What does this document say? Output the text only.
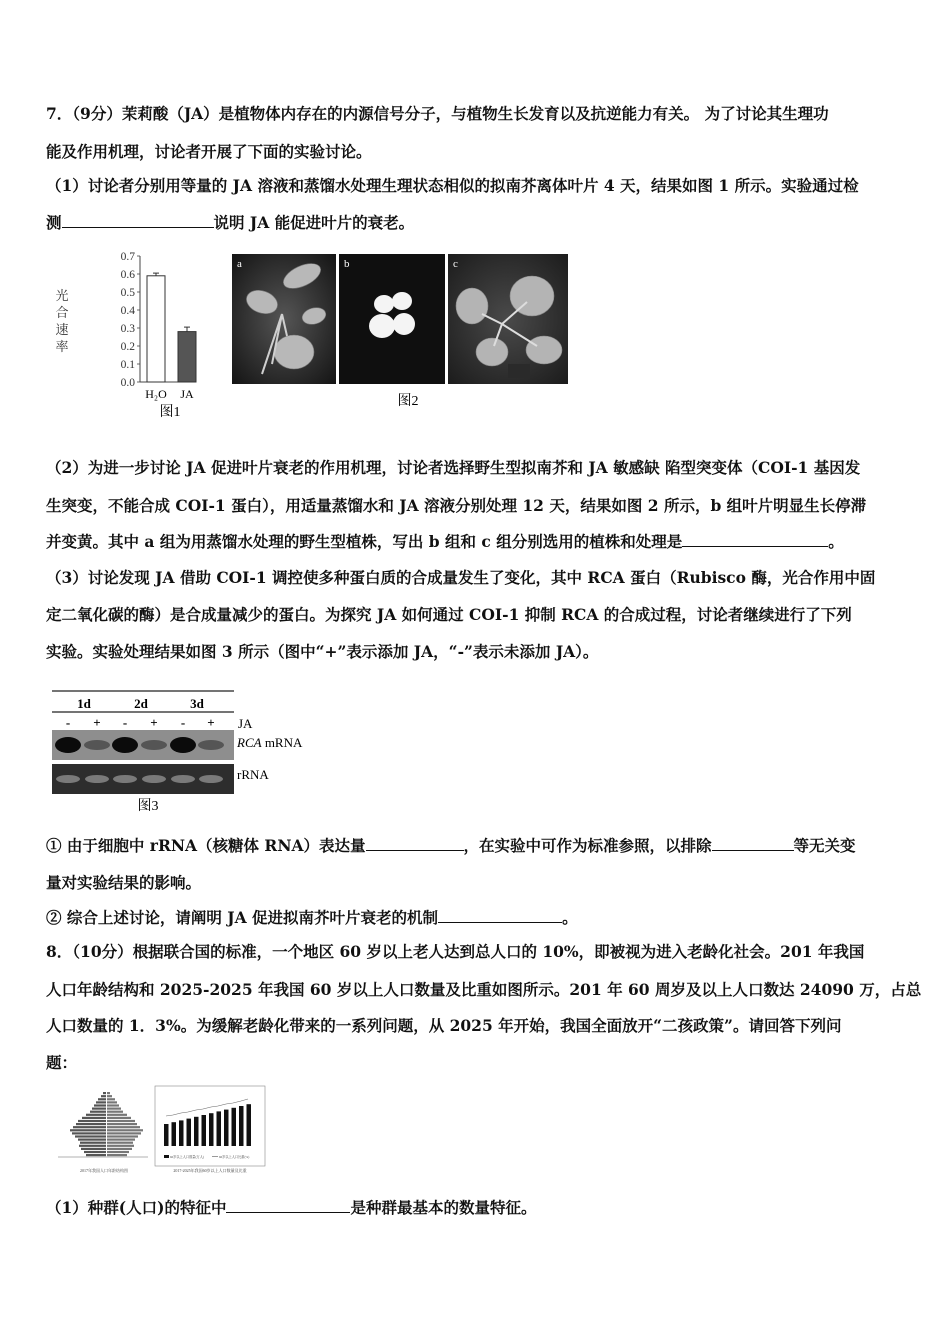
7．（9分）茉莉酸（JA）是植物体内存在的内源信号分子，与植物生长发育以及抗逆能力有关。 为了讨论其生理功
能及作用机理，讨论者开展了下面的实验讨论。
（1）讨论者分别用等量的 JA 溶液和蒸馏水处理生理状态相似的拟南芥离体叶片 4 天，结果如图 1 所示。实验通过检
测	说明 JA 能促进叶片的衰老。
光
合
速
率
0.7
0.6
0.5
0.4
0.3
0.2
0.1
0.0
H₂O JA
图1
a	b	c
图2
（2）为进一步讨论 JA 促进叶片衰老的作用机理，讨论者选择野生型拟南芥和 JA 敏感缺 陷型突变体（COI-1 基因发
生突变，不能合成 COI-1 蛋白），用适量蒸馏水和 JA 溶液分别处理 12 天，结果如图 2 所示，b 组叶片明显生长停滞
并变黄。其中 a 组为用蒸馏水处理的野生型植株，写出 b 组和 c 组分别选用的植株和处理是	。
（3）讨论发现 JA 借助 COI-1 调控使多种蛋白质的合成量发生了变化，其中 RCA 蛋白（Rubisco 酶，光合作用中固
定二氧化碳的酶）是合成量减少的蛋白。为探究 JA 如何通过 COI-1 抑制 RCA 的合成过程，讨论者继续进行了下列
实验。实验处理结果如图 3 所示（图中“+”表示添加 JA，“-”表示未添加 JA）。
1d	2d	3d
- + - + - + JA
RCA mRNA
rRNA
图3
① 由于细胞中 rRNA（核糖体 RNA）表达量	，在实验中可作为标准参照，以排除	等无关变
量对实验结果的影响。
② 综合上述讨论，请阐明 JA 促进拟南芥叶片衰老的机制	。
8．（10分）根据联合国的标准，一个地区 60 岁以上老人达到总人口的 10%，即被视为进入老龄化社会。201 年我国
人口年龄结构和 2025-2025 年我国 60 岁以上人口数量及比重如图所示。201 年 60 周岁及以上人口数达 24090 万，占总
人口数量的 1．3%。为缓解老龄化带来的一系列问题，从 2025 年开始，我国全面放开“二孩政策”。请回答下列问
题：
2017年我国人口年龄结构图
60岁以上人口数量(万人)	60岁以上人口比重(%)
2017-2025年我国60岁以上人口数量及比重
（1）种群(人口)的特征中	是种群最基本的数量特征。
